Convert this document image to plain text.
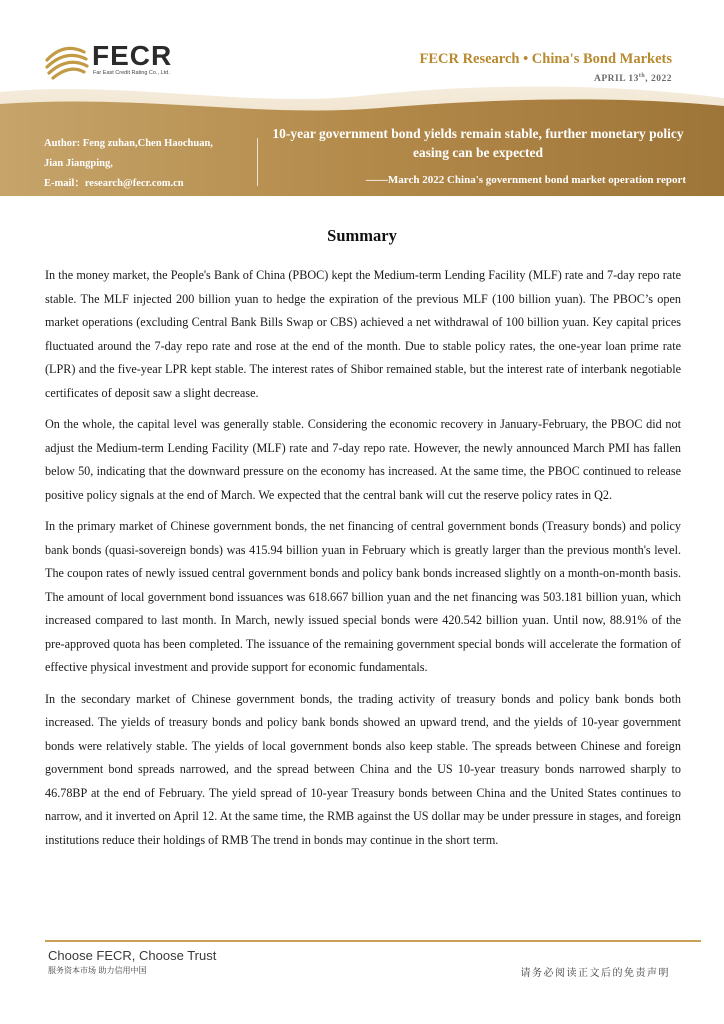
FECR
Far East Credit Rating Co., Ltd.
FECR Research • China's Bond Markets
APRIL 13th, 2022
Author: Feng zuhan,Chen Haochuan,
Jian Jiangping,
E-mail：research@fecr.com.cn
10-year government bond yields remain stable, further monetary policy easing can be expected
——March 2022 China's government bond market operation report
Summary

In the money market, the People's Bank of China (PBOC) kept the Medium-term Lending Facility (MLF) rate and 7-day repo rate stable. The MLF injected 200 billion yuan to hedge the expiration of the previous MLF (100 billion yuan). The PBOC’s open market operations (excluding Central Bank Bills Swap or CBS) achieved a net withdrawal of 100 billion yuan. Key capital prices fluctuated around the 7-day repo rate and rose at the end of the month. Due to stable policy rates, the one-year loan prime rate (LPR) and the five-year LPR kept stable. The interest rates of Shibor remained stable, but the interest rate of interbank negotiable certificates of deposit saw a slight decrease.

On the whole, the capital level was generally stable. Considering the economic recovery in January-February, the PBOC did not adjust the Medium-term Lending Facility (MLF) rate and 7-day repo rate. However, the newly announced March PMI has fallen below 50, indicating that the downward pressure on the economy has increased. At the same time, the PBOC continued to release positive policy signals at the end of March. We expected that the central bank will cut the reserve policy rates in Q2.

In the primary market of Chinese government bonds, the net financing of central government bonds (Treasury bonds) and policy bank bonds (quasi-sovereign bonds) was 415.94 billion yuan in February which is greatly larger than the previous month's level. The coupon rates of newly issued central government bonds and policy bank bonds increased slightly on a month-on-month basis. The amount of local government bond issuances was 618.667 billion yuan and the net financing was 503.181 billion yuan, which increased compared to last month. In March, newly issued special bonds were 420.542 billion yuan. Until now, 88.91% of the pre-approved quota has been completed. The issuance of the remaining government special bonds will accelerate the formation of effective physical investment and provide support for economic fundamentals.

In the secondary market of Chinese government bonds, the trading activity of treasury bonds and policy bank bonds both increased. The yields of treasury bonds and policy bank bonds showed an upward trend, and the yields of 10-year government bonds were relatively stable. The yields of local government bonds also keep stable. The spreads between Chinese and foreign government bond spreads narrowed, and the spread between China and the US 10-year treasury bonds narrowed sharply to 46.78BP at the end of February. The yield spread of 10-year Treasury bonds between China and the United States continues to narrow, and it inverted on April 12. At the same time, the RMB against the US dollar may be under pressure in stages, and foreign institutions reduce their holdings of RMB The trend in bonds may continue in the short term.

Choose FECR, Choose Trust
服务资本市场 助力信用中国	请务必阅读正文后的免责声明
